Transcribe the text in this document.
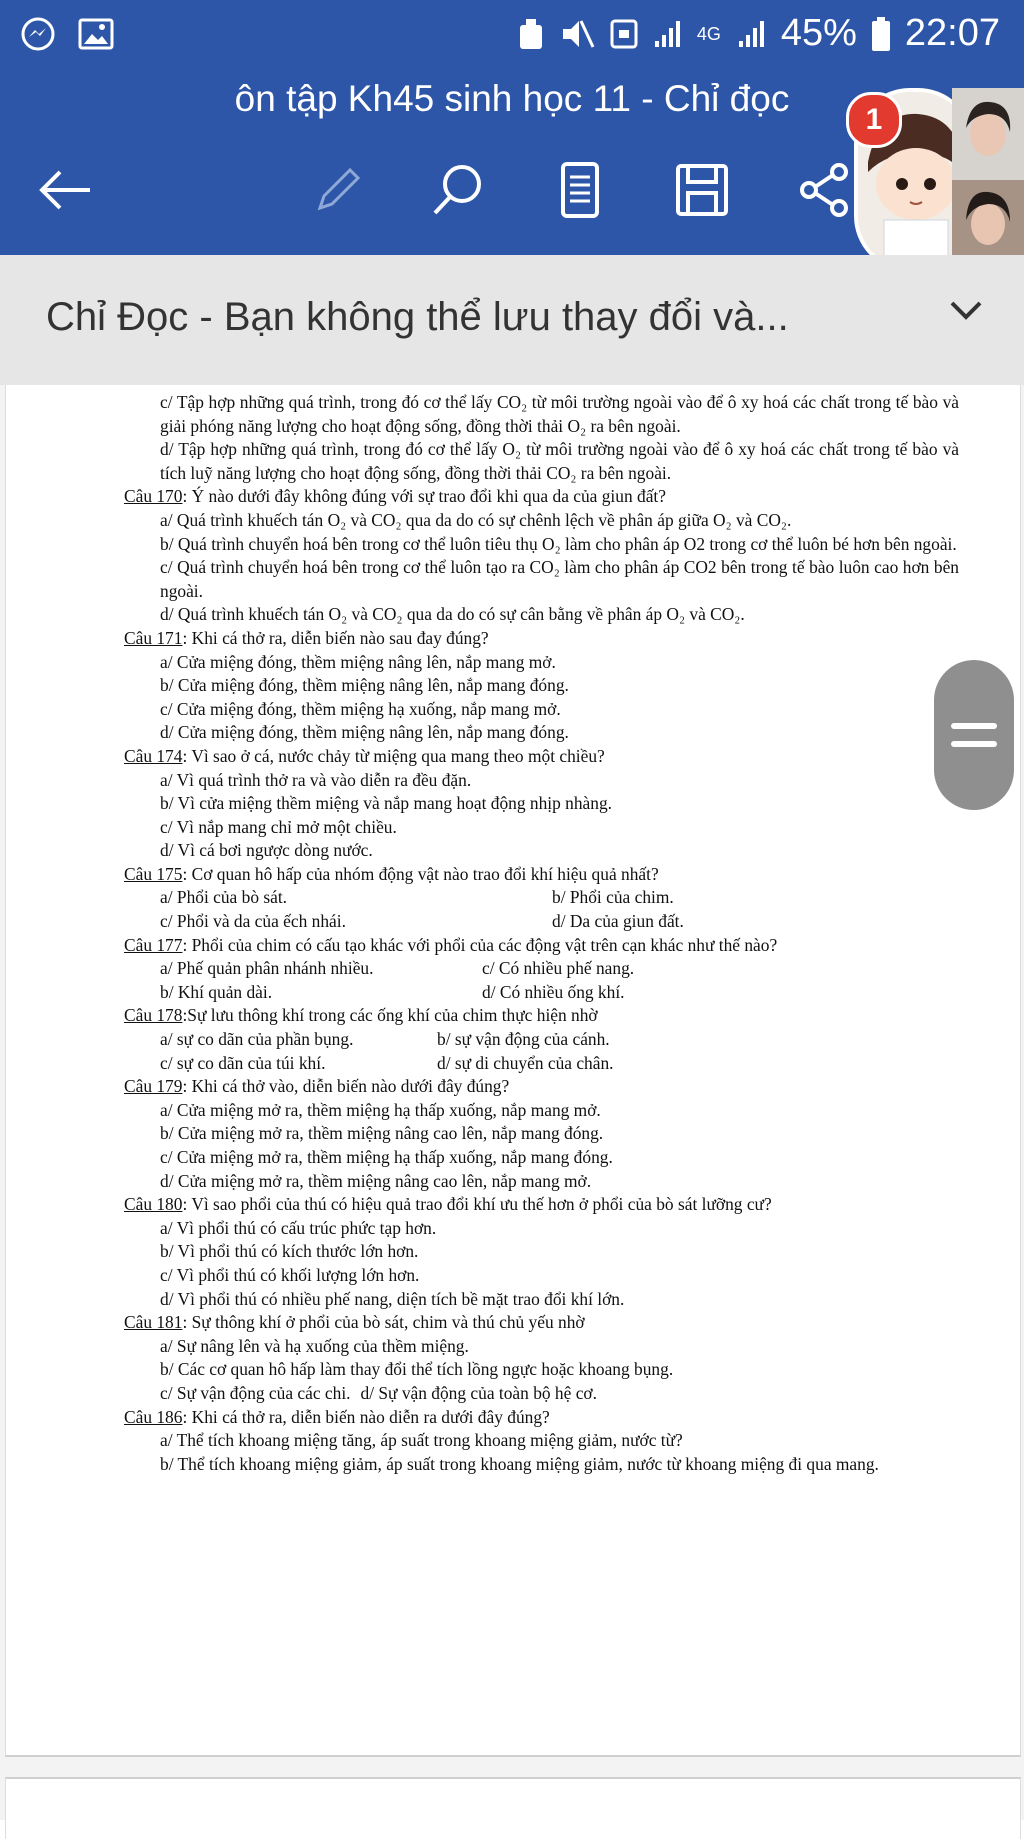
4G 45% 22:07
ôn tập Kh45 sinh học 11 - Chỉ đọc
1
Chỉ Đọc - Bạn không thể lưu thay đổi và...

c/ Tập hợp những quá trình, trong đó cơ thể lấy CO₂ từ môi trường ngoài vào để ô xy hoá các chất trong tế bào và giải phóng năng lượng cho hoạt động sống, đồng thời thải O₂ ra bên ngoài.

d/ Tập hợp những quá trình, trong đó cơ thể lấy O₂ từ môi trường ngoài vào để ô xy hoá các chất trong tế bào và tích luỹ năng lượng cho hoạt động sống, đồng thời thải CO₂ ra bên ngoài.

Câu 170: Ý nào dưới đây không đúng với sự trao đổi khi qua da của giun đất?

a/ Quá trình khuếch tán O₂ và CO₂ qua da do có sự chênh lệch về phân áp giữa O₂ và CO₂.

b/ Quá trình chuyển hoá bên trong cơ thể luôn tiêu thụ O₂ làm cho phân áp O2 trong cơ thể luôn bé hơn bên ngoài.

c/ Quá trình chuyển hoá bên trong cơ thể luôn tạo ra CO₂ làm cho phân áp CO2 bên trong tế bào luôn cao hơn bên ngoài.

d/ Quá trình khuếch tán O₂ và CO₂ qua da do có sự cân bằng về phân áp O₂ và CO₂.

Câu 171: Khi cá thở ra, diễn biến nào sau đay đúng?

a/ Cửa miệng đóng, thềm miệng nâng lên, nắp mang mở.

b/ Cửa miệng đóng, thềm miệng nâng lên, nắp mang đóng.

c/ Cửa miệng đóng, thềm miệng hạ xuống, nắp mang mở.

d/ Cửa miệng đóng, thềm miệng nâng lên, nắp mang đóng.

Câu 174: Vì sao ở cá, nước chảy từ miệng qua mang theo một chiều?

a/ Vì quá trình thở ra và vào diễn ra đều đặn.

b/ Vì cửa miệng thềm miệng và nắp mang hoạt động nhịp nhàng.

c/ Vì nắp mang chỉ mở một chiều.

d/ Vì cá bơi ngược dòng nước.

Câu 175: Cơ quan hô hấp của nhóm động vật nào trao đổi khí hiệu quả nhất?

a/ Phổi của bò sát.	b/ Phổi của chim.
c/ Phổi và da của ếch nhái.	d/ Da của giun đất.

Câu 177: Phổi của chim có cấu tạo khác với phổi của các động vật trên cạn khác như thế nào?

a/ Phế quản phân nhánh nhiều.	c/ Có nhiều phế nang.
b/ Khí quản dài.	d/ Có nhiều ống khí.

Câu 178:Sự lưu thông khí trong các ống khí của chim thực hiện nhờ

a/ sự co dãn của phần bụng.	b/ sự vận động của cánh.
c/ sự co dãn của túi khí.	d/ sự di chuyển của chân.

Câu 179: Khi cá thở vào, diễn biến nào dưới đây đúng?

a/ Cửa miệng mở ra, thềm miệng hạ thấp xuống, nắp mang mở.

b/ Cửa miệng mở ra, thềm miệng nâng cao lên, nắp mang đóng.

c/ Cửa miệng mở ra, thềm miệng hạ thấp xuống, nắp mang đóng.

d/ Cửa miệng mở ra, thềm miệng nâng cao lên, nắp mang mở.

Câu 180: Vì sao phổi của thú có hiệu quả trao đổi khí ưu thế hơn ở phổi của bò sát lưỡng cư?

a/ Vì phổi thú có cấu trúc phức tạp hơn.

b/ Vì phổi thú có kích thước lớn hơn.

c/ Vì phổi thú có khối lượng lớn hơn.

d/ Vì phổi thú có nhiều phế nang, diện tích bề mặt trao đổi khí lớn.

Câu 181: Sự thông khí ở phổi của bò sát, chim và thú chủ yếu nhờ

a/ Sự nâng lên và hạ xuống của thềm miệng.

b/ Các cơ quan hô hấp làm thay đổi thể tích lồng ngực hoặc khoang bụng.

c/ Sự vận động của các chi. d/ Sự vận động của toàn bộ hệ cơ.

Câu 186: Khi cá thở ra, diễn biến nào diễn ra dưới đây đúng?

a/ Thể tích khoang miệng tăng, áp suất trong khoang miệng giảm, nước từ?

b/ Thể tích khoang miệng giảm, áp suất trong khoang miệng giảm, nước từ khoang miệng đi qua mang.
